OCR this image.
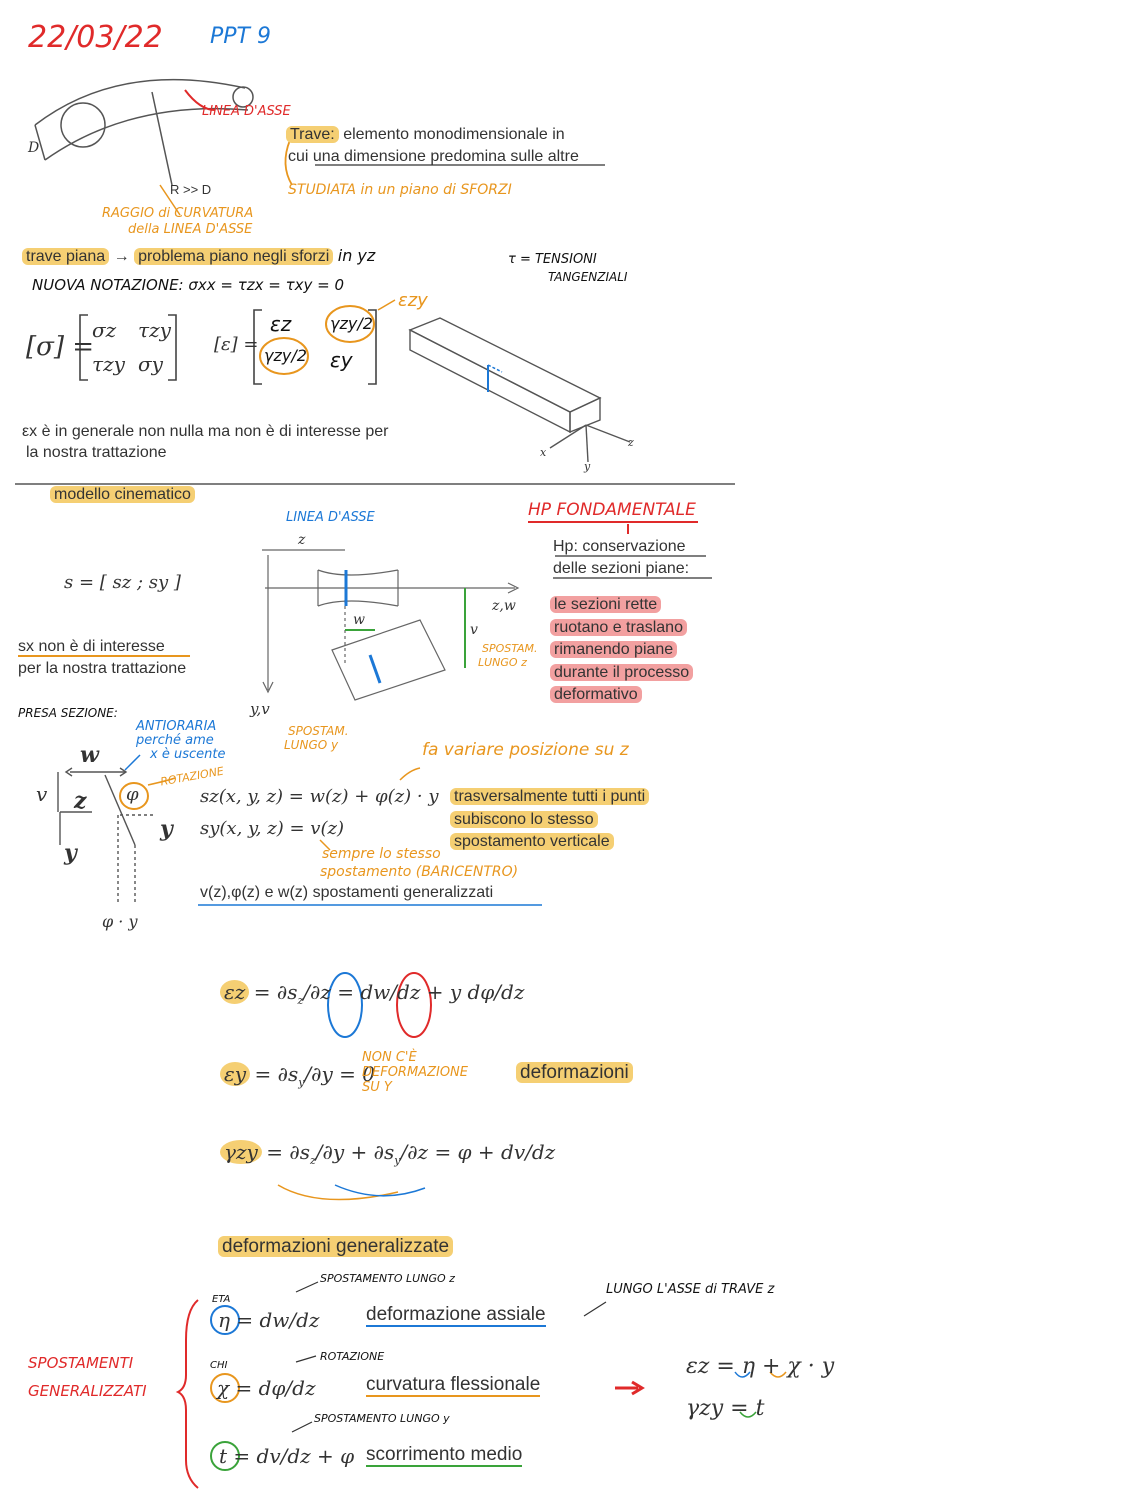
22/03/22 PPT 9
LINEA D'ASSE
D
R >> D
RAGGIO di CURVATURA
della LINEA D'ASSE
Trave: elemento monodimensionale in
cui una dimensione predomina sulle altre
STUDIATA in un piano di SFORZI
trave piana → problema piano negli sforzi in yz	τ = TENSIONI
TANGENZIALI
NUOVA NOTAZIONE: σxx = τzx = τxy = 0
[σ] =
σz τzy
τzy σy
[ε] =
εz γzy/2
γzy/2 εy
εzy
x
y
z
εx è in generale non nulla ma non è di interesse per
la nostra trattazione
modello cinematico
LINEA D'ASSE
s = [ sz ; sy ]
sx non è di interesse
per la nostra trattazione
z
w
v
z,w
y,v
SPOSTAM.
LUNGO z
SPOSTAM.
LUNGO y
HP FONDAMENTALE
Hp: conservazione
delle sezioni piane:
le sezioni rette
ruotano e traslano
rimanendo piane
durante il processo
deformativo
PRESA SEZIONE:
ANTIORARIA
perché ame
x è uscente
ROTAZIONE
w
v z φ
y
y
φ · y
sz(x, y, z) = w(z) + φ(z) · y
sy(x, y, z) = v(z)
fa variare posizione su z
sempre lo stesso
spostamento (BARICENTRO)
trasversalmente tutti i punti
subiscono lo stesso
spostamento verticale
v(z),φ(z) e w(z) spostamenti generalizzati
$\varepsilon z = \partial s_z/\partial z = dw/dz + y$ dφ/dz
$\varepsilon y = \partial s_y/\partial y = 0$
NON C'È
DEFORMAZIONE
SU Y
deformazioni
$\gamma zy = \partial s_z/\partial y + \partial s_y/\partial z = \varphi + dv/dz$
deformazioni generalizzate
ETA
CHI
SPOSTAMENTO LUNGO z
ROTAZIONE
SPOSTAMENTO LUNGO y
LUNGO L'ASSE di TRAVE z
η = dw/dz
χ = dφ/dz
t = dv/dz + φ
deformazione assiale
curvatura flessionale
scorrimento medio
SPOSTAMENTI
GENERALIZZATI
εz = η + χ · y
γzy = t
